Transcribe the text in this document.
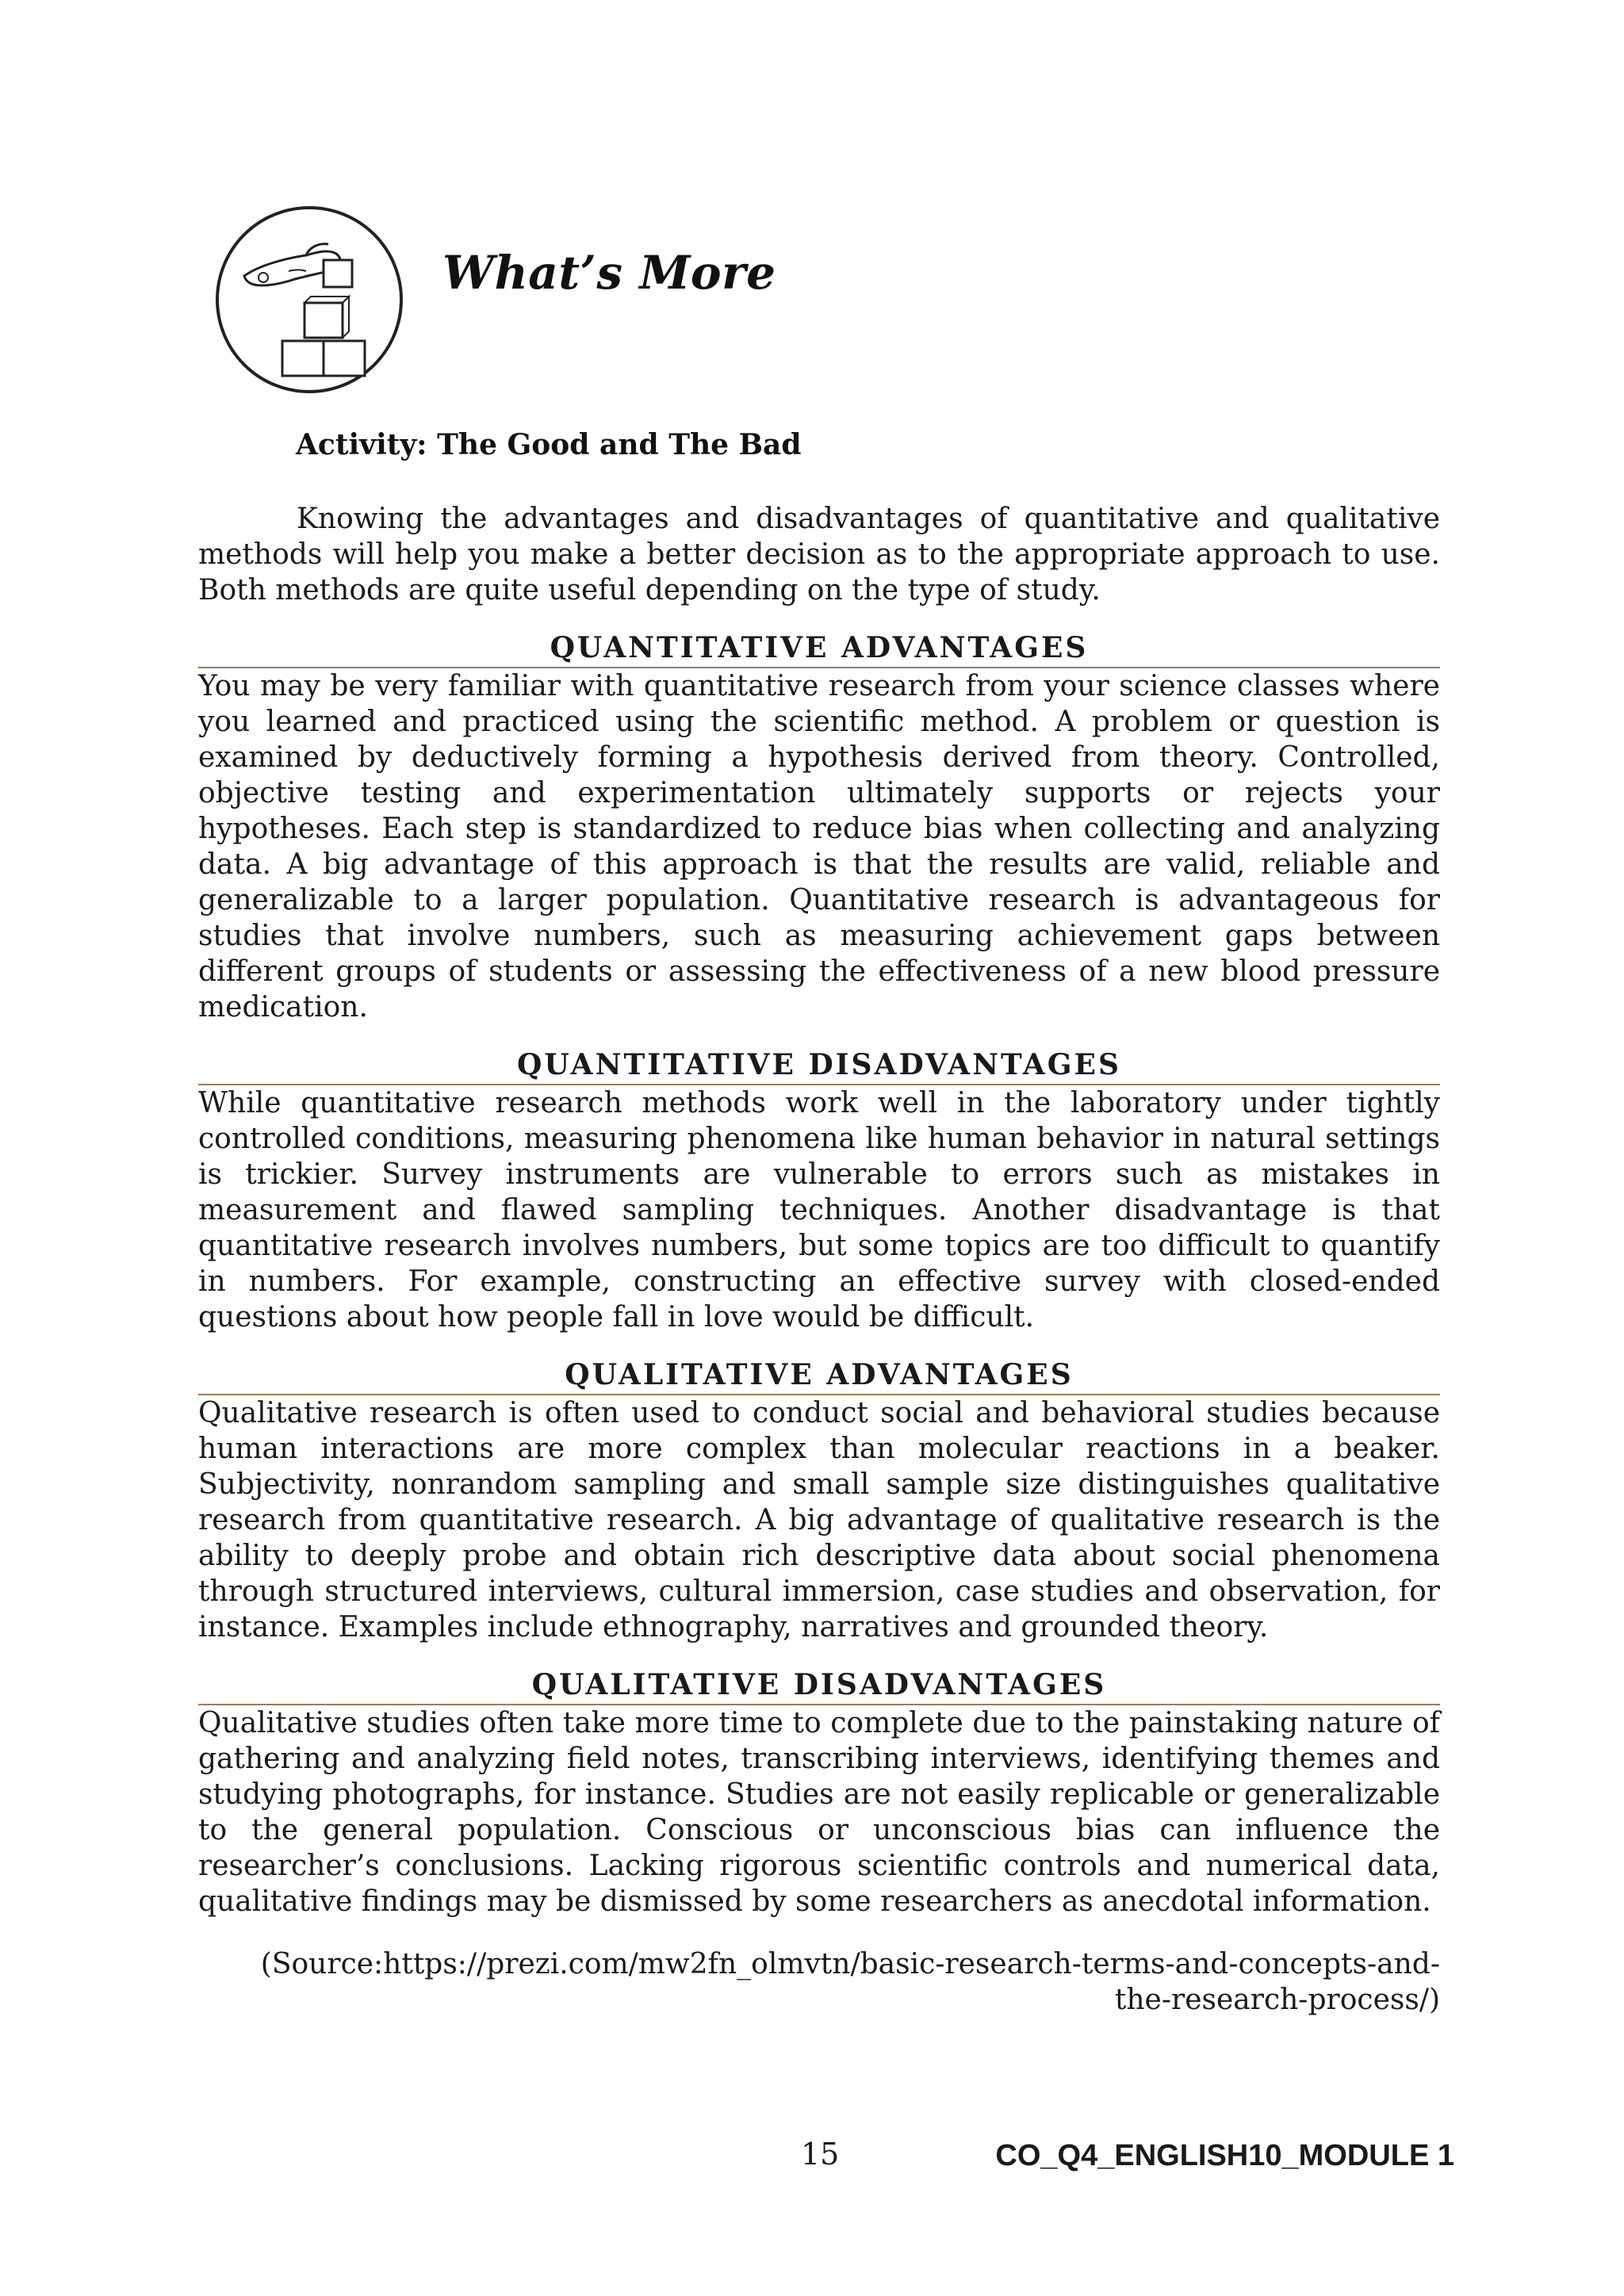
What’s More
Activity: The Good and The Bad

Knowing the advantages and disadvantages of quantitative and qualitative methods will help you make a better decision as to the appropriate approach to use. Both methods are quite useful depending on the type of study.

QUANTITATIVE ADVANTAGES

You may be very familiar with quantitative research from your science classes where you learned and practiced using the scientific method. A problem or question is examined by deductively forming a hypothesis derived from theory. Controlled, objective testing and experimentation ultimately supports or rejects your hypotheses. Each step is standardized to reduce bias when collecting and analyzing data. A big advantage of this approach is that the results are valid, reliable and generalizable to a larger population. Quantitative research is advantageous for studies that involve numbers, such as measuring achievement gaps between different groups of students or assessing the effectiveness of a new blood pressure medication.

QUANTITATIVE DISADVANTAGES

While quantitative research methods work well in the laboratory under tightly controlled conditions, measuring phenomena like human behavior in natural settings is trickier. Survey instruments are vulnerable to errors such as mistakes in measurement and flawed sampling techniques. Another disadvantage is that quantitative research involves numbers, but some topics are too difficult to quantify in numbers. For example, constructing an effective survey with closed-ended questions about how people fall in love would be difficult.

QUALITATIVE ADVANTAGES

Qualitative research is often used to conduct social and behavioral studies because human interactions are more complex than molecular reactions in a beaker. Subjectivity, nonrandom sampling and small sample size distinguishes qualitative research from quantitative research. A big advantage of qualitative research is the ability to deeply probe and obtain rich descriptive data about social phenomena through structured interviews, cultural immersion, case studies and observation, for instance. Examples include ethnography, narratives and grounded theory.

QUALITATIVE DISADVANTAGES

Qualitative studies often take more time to complete due to the painstaking nature of gathering and analyzing field notes, transcribing interviews, identifying themes and studying photographs, for instance. Studies are not easily replicable or generalizable to the general population. Conscious or unconscious bias can influence the researcher’s conclusions. Lacking rigorous scientific controls and numerical data, qualitative findings may be dismissed by some researchers as anecdotal information.

(Source:https://prezi.com/mw2fn_olmvtn/basic-research-terms-and-concepts-and-the-research-process/)

15	CO_Q4_ENGLISH10_MODULE 1
